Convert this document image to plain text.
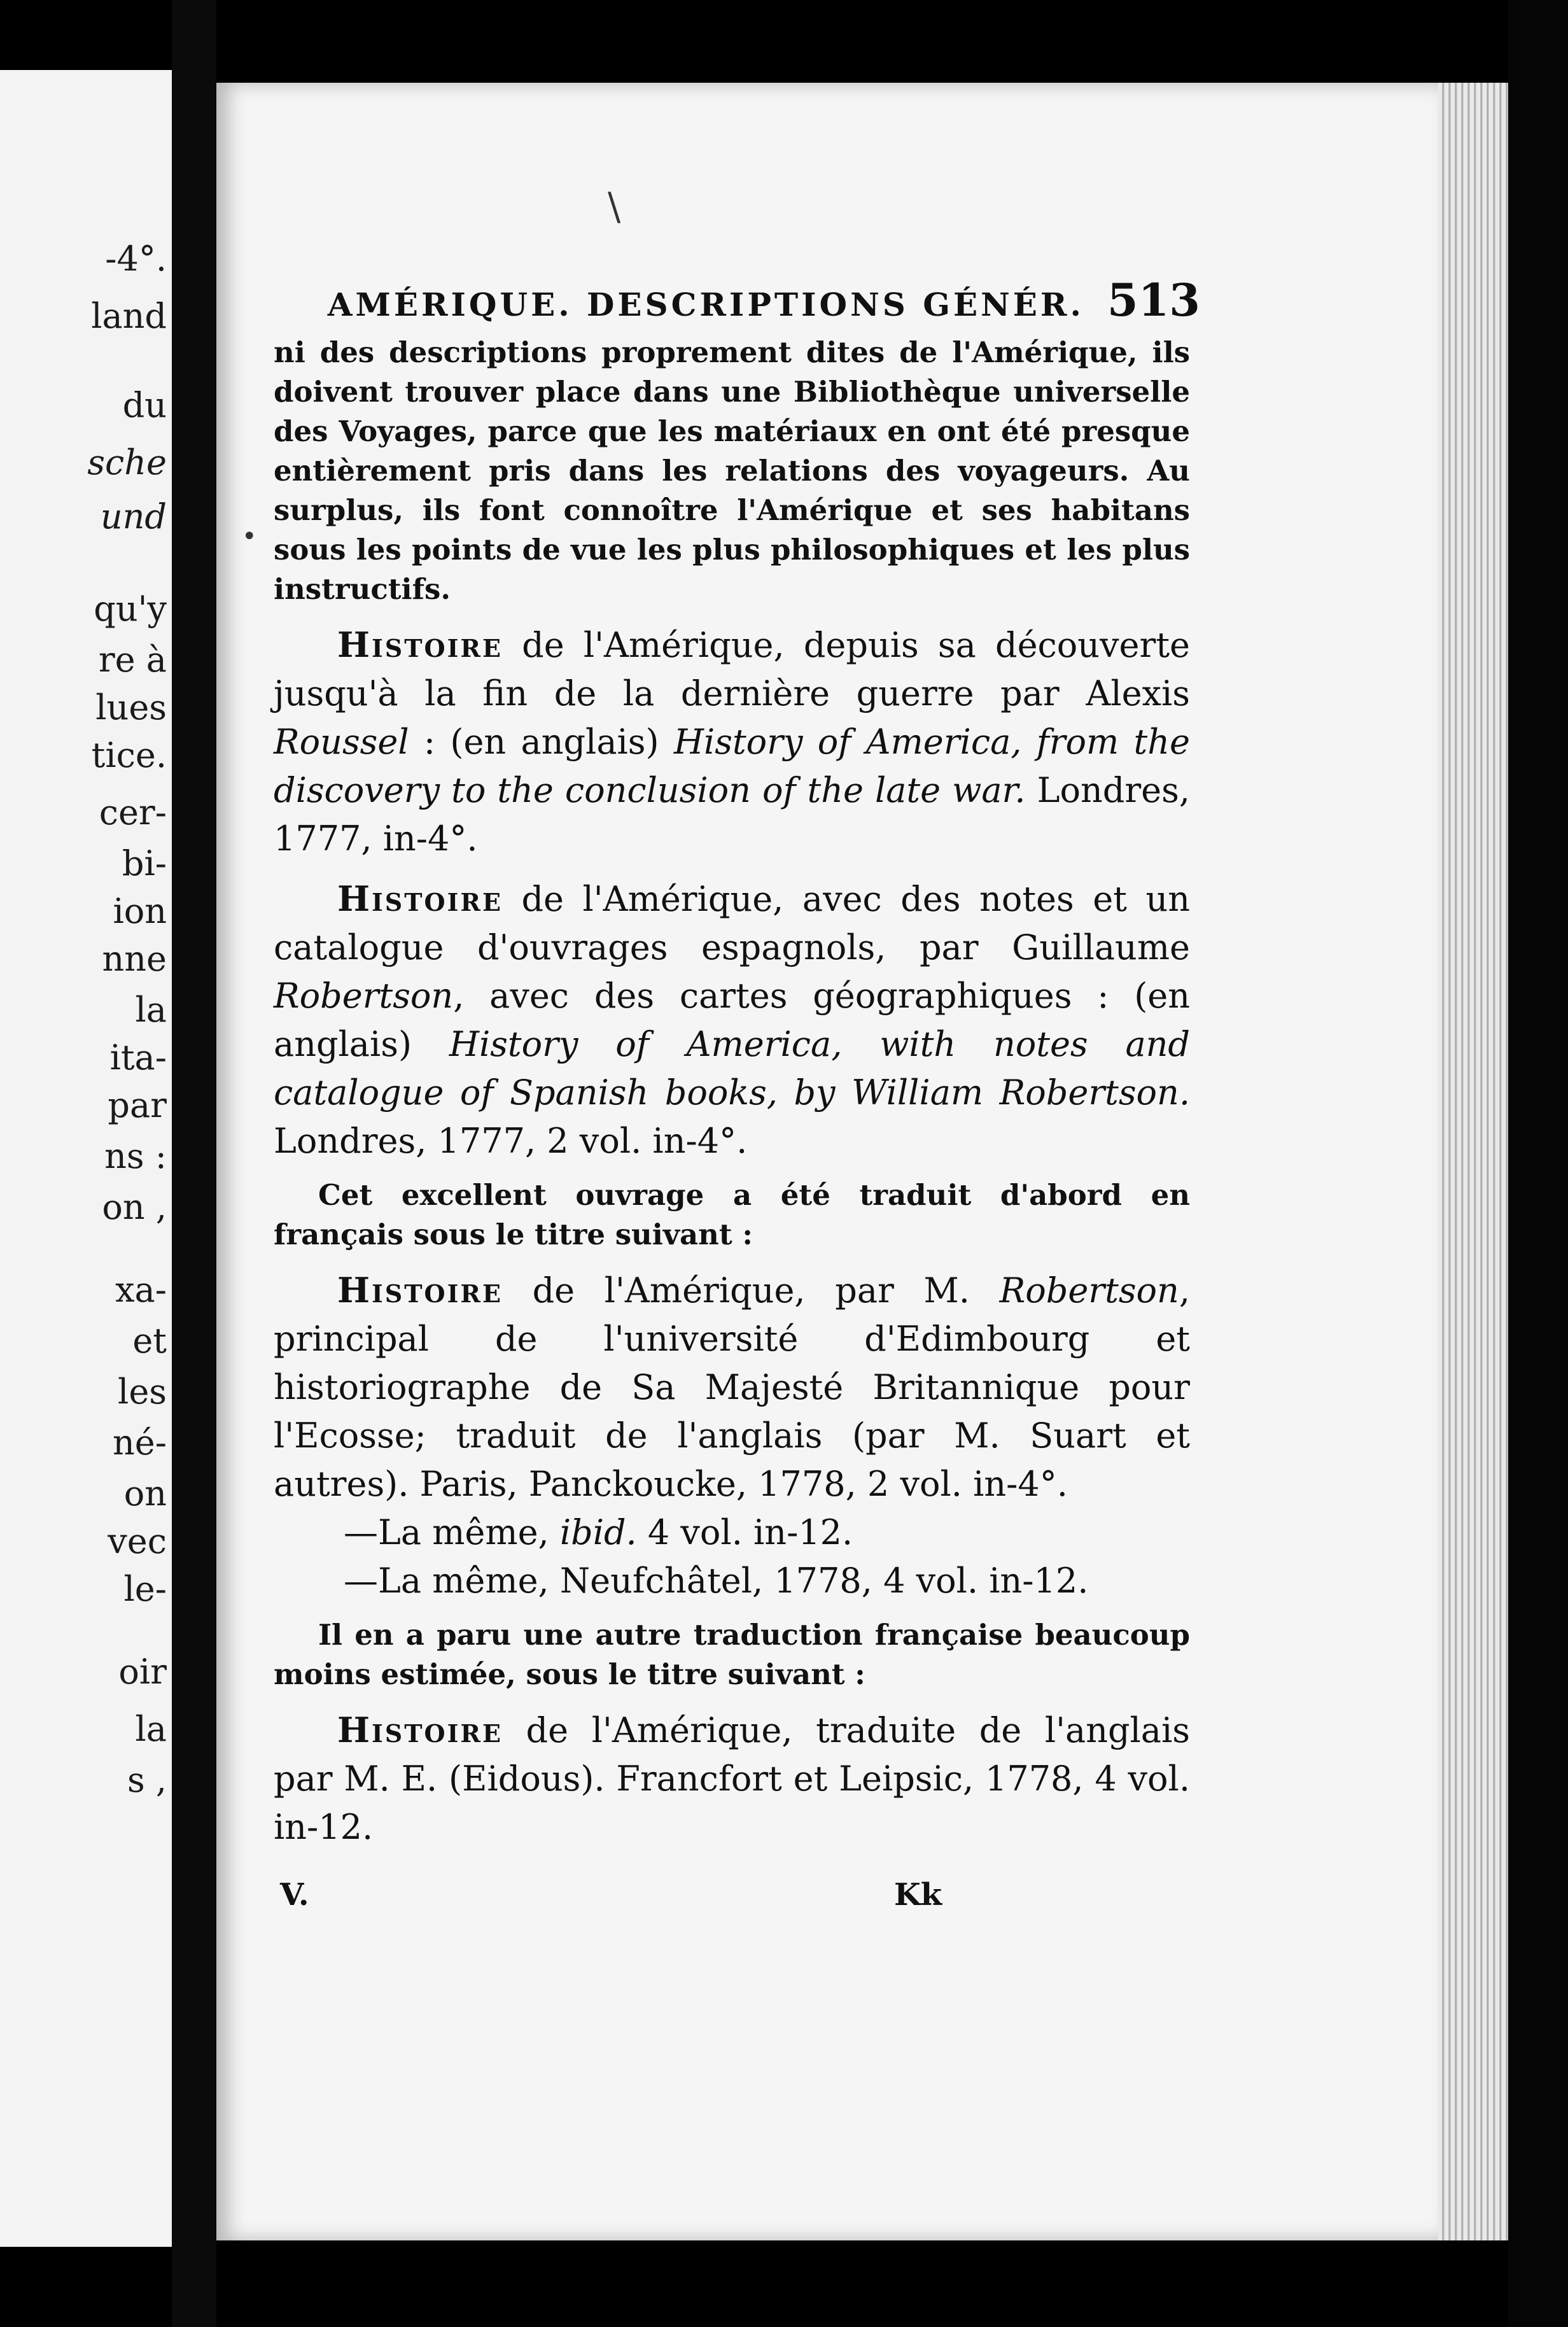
-4°.
land
du
sche
und
qu'y
re à
lues
tice.
cer-
bi-
ion
nne
la
ita-
par
ns :
on ,
xa-
et
les
né-
on
vec
le-
oir
la
s ,
\
•
AMÉRIQUE. DESCRIPTIONS GÉNÉR. 513

ni des descriptions proprement dites de l'Amérique, ils doivent trouver place dans une Bibliothèque universelle des Voyages, parce que les matériaux en ont été presque entièrement pris dans les relations des voyageurs. Au surplus, ils font connoître l'Amérique et ses habitans sous les points de vue les plus philosophiques et les plus instructifs.

Histoire de l'Amérique, depuis sa découverte jusqu'à la fin de la dernière guerre par Alexis Roussel : (en anglais) History of America, from the discovery to the conclusion of the late war. Londres, 1777, in-4°.

Histoire de l'Amérique, avec des notes et un catalogue d'ouvrages espagnols, par Guillaume Robertson, avec des cartes géographiques : (en anglais) History of America, with notes and catalogue of Spanish books, by William Robertson. Londres, 1777, 2 vol. in-4°.

Cet excellent ouvrage a été traduit d'abord en français sous le titre suivant :

Histoire de l'Amérique, par M. Robertson, principal de l'université d'Edimbourg et historiographe de Sa Majesté Britannique pour l'Ecosse; traduit de l'anglais (par M. Suart et autres). Paris, Panckoucke, 1778, 2 vol. in-4°.

—La même, ibid. 4 vol. in-12.

—La même, Neufchâtel, 1778, 4 vol. in-12.

Il en a paru une autre traduction française beaucoup moins estimée, sous le titre suivant :

Histoire de l'Amérique, traduite de l'anglais par M. E. (Eidous). Francfort et Leipsic, 1778, 4 vol. in-12.

V.	Kk
